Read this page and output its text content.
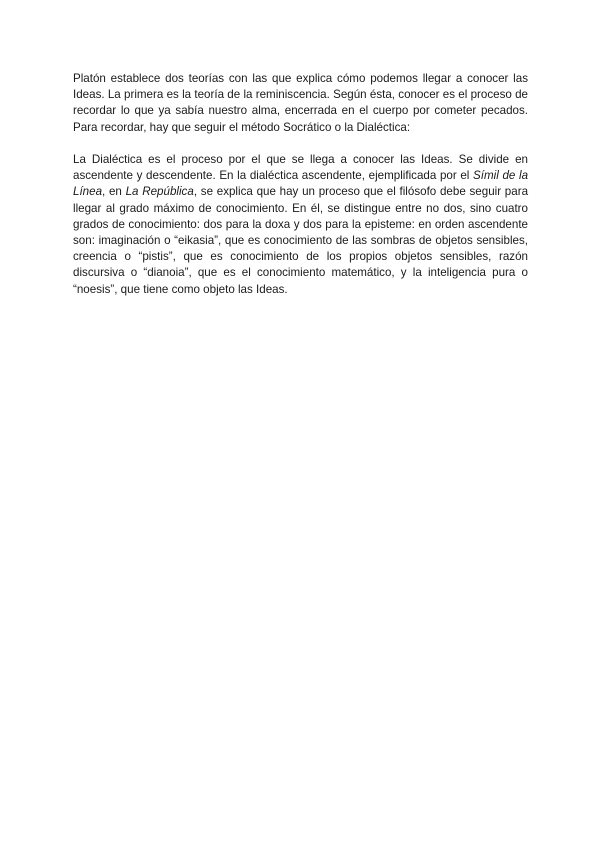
Platón establece dos teorías con las que explica cómo podemos llegar a conocer las Ideas. La primera es la teoría de la reminiscencia. Según ésta, conocer es el proceso de recordar lo que ya sabía nuestro alma, encerrada en el cuerpo por cometer pecados. Para recordar, hay que seguir el método Socrático o la Dialéctica:

La Dialéctica es el proceso por el que se llega a conocer las Ideas. Se divide en ascendente y descendente. En la dialéctica ascendente, ejemplificada por el Símil de la Línea, en La República, se explica que hay un proceso que el filósofo debe seguir para llegar al grado máximo de conocimiento. En él, se distingue entre no dos, sino cuatro grados de conocimiento: dos para la doxa y dos para la episteme: en orden ascendente son: imaginación o “eikasia”, que es conocimiento de las sombras de objetos sensibles, creencia o “pistis”, que es conocimiento de los propios objetos sensibles, razón discursiva o “dianoia”, que es el conocimiento matemático, y la inteligencia pura o “noesis”, que tiene como objeto las Ideas.
